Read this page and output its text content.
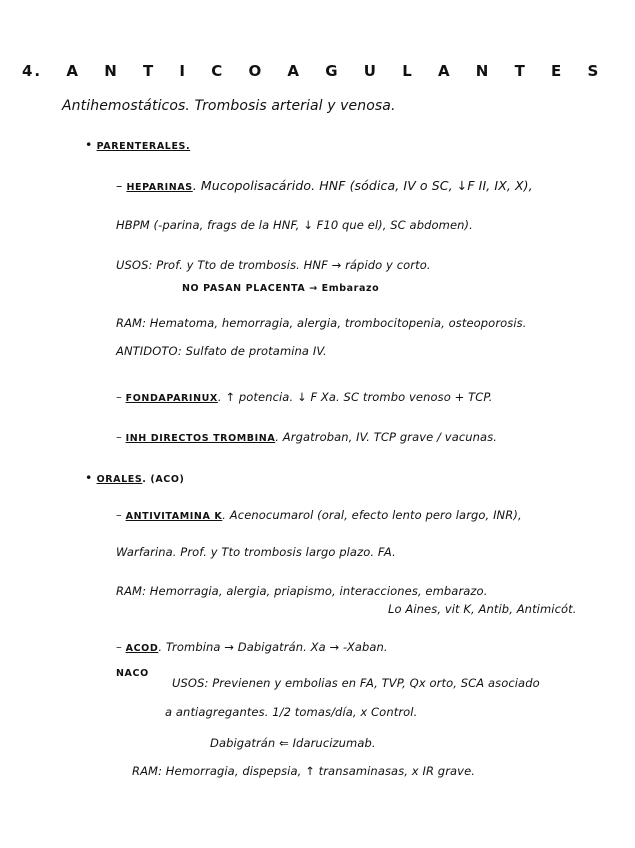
4. A N T I C O A G U L A N T E S
Antihemostáticos. Trombosis arterial y venosa.
• PARENTERALES.
– HEPARINAS. Mucopolisacárido. HNF (sódica, IV o SC, ↓F II, IX, X),
HBPM (-parina, frags de la HNF, ↓ F10 que el), SC abdomen).
USOS: Prof. y Tto de trombosis. HNF → rápido y corto.
NO PASAN PLACENTA → Embarazo
RAM: Hematoma, hemorragia, alergia, trombocitopenia, osteoporosis.
ANTIDOTO: Sulfato de protamina IV.
– FONDAPARINUX. ↑ potencia. ↓ F Xa. SC trombo venoso + TCP.
– INH DIRECTOS TROMBINA. Argatroban, IV. TCP grave / vacunas.
• ORALES. (ACO)
– ANTIVITAMINA K. Acenocumarol (oral, efecto lento pero largo, INR),
Warfarina. Prof. y Tto trombosis largo plazo. FA.
RAM: Hemorragia, alergia, priapismo, interacciones, embarazo.
Lo Aines, vit K, Antib, Antimicót.
– ACOD. Trombina → Dabigatrán. Xa → -Xaban.
NACO
USOS: Previenen y embolias en FA, TVP, Qx orto, SCA asociado
a antiagregantes. 1/2 tomas/día, x Control.
Dabigatrán ⇐ Idarucizumab.
RAM: Hemorragia, dispepsia, ↑ transaminasas, x IR grave.
